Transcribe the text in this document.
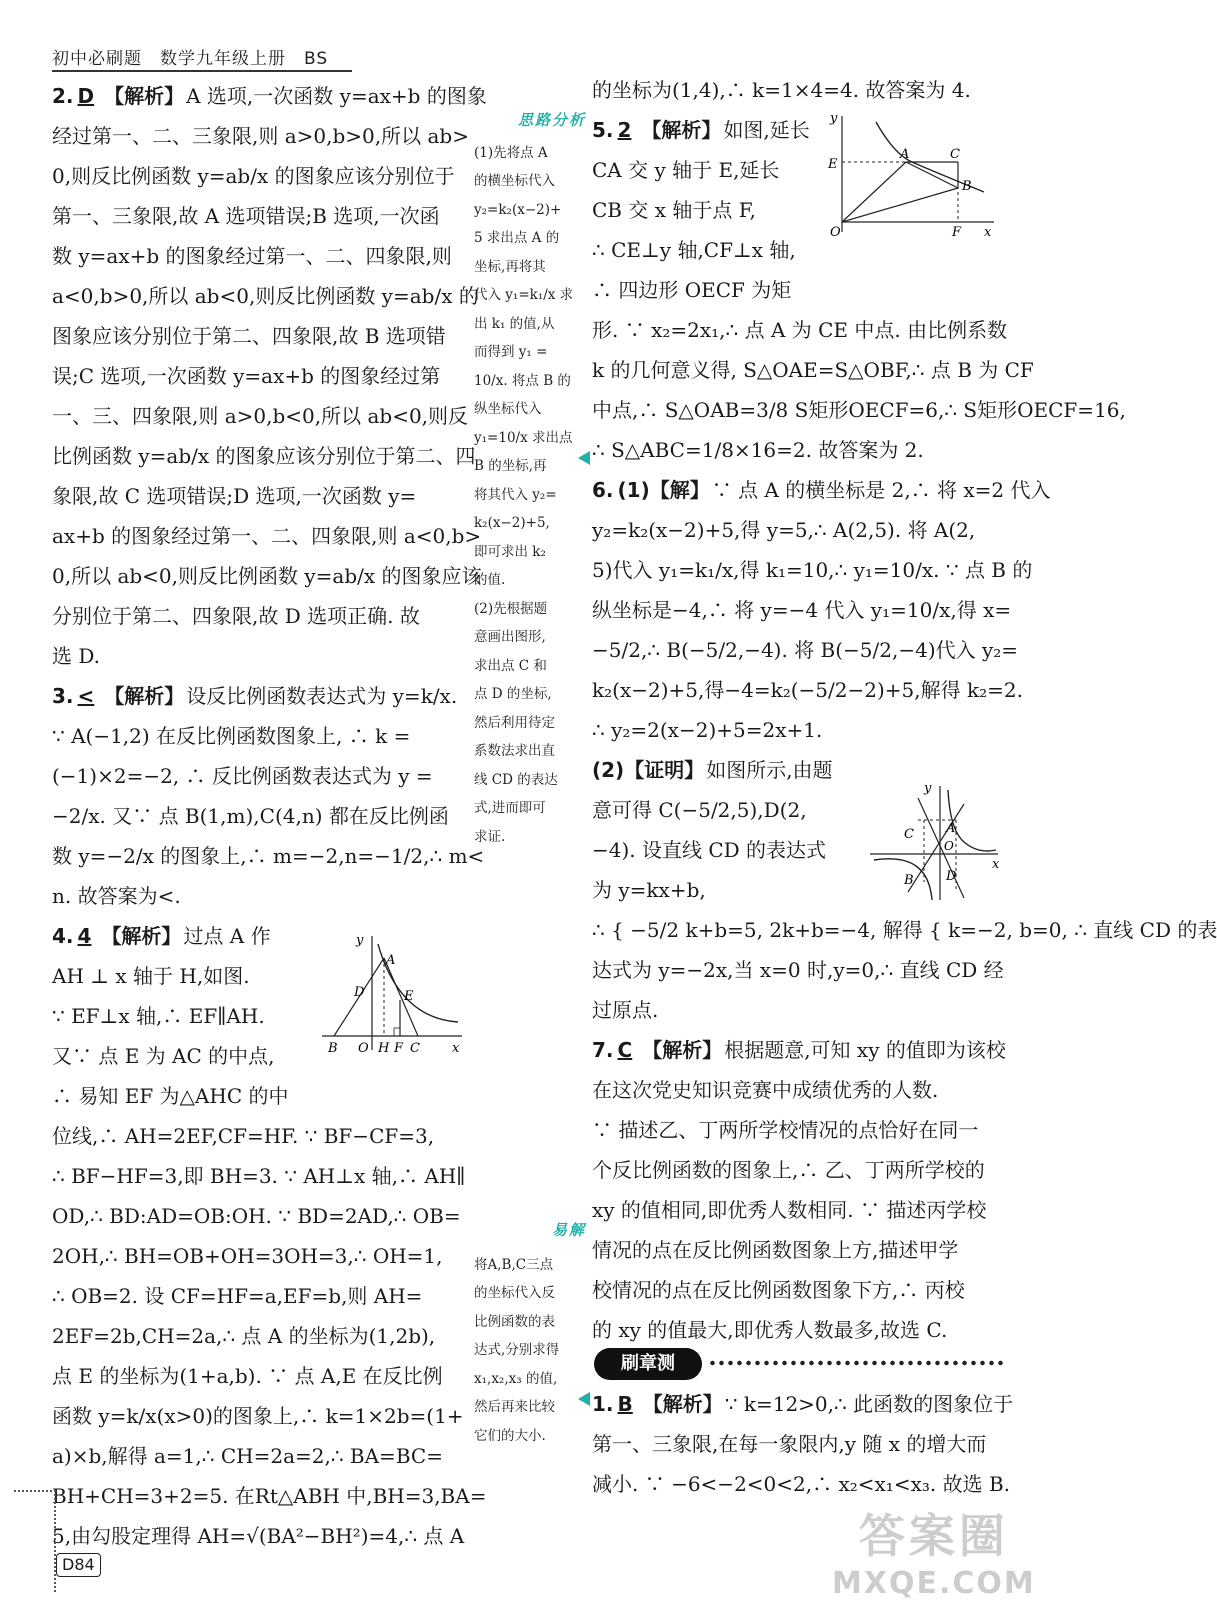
初中必刷题　数学九年级上册　BS

2. D 【解析】 A 选项,一次函数 y=ax+b 的图象

经过第一、二、三象限,则 a>0,b>0,所以 ab>

0,则反比例函数 y=ab/x 的图象应该分别位于

第一、三象限,故 A 选项错误;B 选项,一次函

数 y=ax+b 的图象经过第一、二、四象限,则

a<0,b>0,所以 ab<0,则反比例函数 y=ab/x 的

图象应该分别位于第二、四象限,故 B 选项错

误;C 选项,一次函数 y=ax+b 的图象经过第

一、三、四象限,则 a>0,b<0,所以 ab<0,则反

比例函数 y=ab/x 的图象应该分别位于第二、四

象限,故 C 选项错误;D 选项,一次函数 y=

ax+b 的图象经过第一、二、四象限,则 a<0,b>

0,所以 ab<0,则反比例函数 y=ab/x 的图象应该

分别位于第二、四象限,故 D 选项正确. 故

选 D.

3. < 【解析】 设反比例函数表达式为 y=k/x.

∵ A(−1,2) 在反比例函数图象上, ∴ k =

(−1)×2=−2, ∴ 反比例函数表达式为 y =

−2/x. 又∵ 点 B(1,m),C(4,n) 都在反比例函

数 y=−2/x 的图象上,∴ m=−2,n=−1/2,∴ m<

n. 故答案为<.

4. 4 【解析】 过点 A 作

AH ⊥ x 轴于 H,如图.

∵ EF⊥x 轴,∴ EF∥AH.

又∵ 点 E 为 AC 的中点,

∴ 易知 EF 为△AHC 的中

位线,∴ AH=2EF,CF=HF. ∵ BF−CF=3,

∴ BF−HF=3,即 BH=3. ∵ AH⊥x 轴,∴ AH∥

OD,∴ BD:AD=OB:OH. ∵ BD=2AD,∴ OB=

2OH,∴ BH=OB+OH=3OH=3,∴ OH=1,

∴ OB=2. 设 CF=HF=a,EF=b,则 AH=

2EF=2b,CH=2a,∴ 点 A 的坐标为(1,2b),

点 E 的坐标为(1+a,b). ∵ 点 A,E 在反比例

函数 y=k/x(x>0)的图象上,∴ k=1×2b=(1+

a)×b,解得 a=1,∴ CH=2a=2,∴ BA=BC=

BH+CH=3+2=5. 在Rt△ABH 中,BH=3,BA=

5,由勾股定理得 AH=√(BA²−BH²)=4,∴ 点 A

思路分析

(1)先将点 A

的横坐标代入

y₂=k₂(x−2)+

5 求出点 A 的

坐标,再将其

代入 y₁=k₁/x 求

出 k₁ 的值,从

而得到 y₁ =

10/x. 将点 B 的

纵坐标代入

y₁=10/x 求出点

B 的坐标,再

将其代入 y₂=

k₂(x−2)+5,

即可求出 k₂

的值.

(2)先根据题

意画出图形,

求出点 C 和

点 D 的坐标,

然后利用待定

系数法求出直

线 CD 的表达

式,进而即可

求证.

易解

将A,B,C三点

的坐标代入反

比例函数的表

达式,分别求得

x₁,x₂,x₃ 的值,

然后再来比较

它们的大小.

的坐标为(1,4),∴ k=1×4=4. 故答案为 4.

5. 2 【解析】 如图,延长

CA 交 y 轴于 E,延长

CB 交 x 轴于点 F,

∴ CE⊥y 轴,CF⊥x 轴,

∴ 四边形 OECF 为矩

形. ∵ x₂=2x₁,∴ 点 A 为 CE 中点. 由比例系数

k 的几何意义得, S△OAE=S△OBF,∴ 点 B 为 CF

中点,∴ S△OAB=3/8 S矩形OECF=6,∴ S矩形OECF=16,

∴ S△ABC=1/8×16=2. 故答案为 2.

6. (1)【解】 ∵ 点 A 的横坐标是 2,∴ 将 x=2 代入

y₂=k₂(x−2)+5,得 y=5,∴ A(2,5). 将 A(2,

5)代入 y₁=k₁/x,得 k₁=10,∴ y₁=10/x. ∵ 点 B 的

纵坐标是−4,∴ 将 y=−4 代入 y₁=10/x,得 x=

−5/2,∴ B(−5/2,−4). 将 B(−5/2,−4)代入 y₂=

k₂(x−2)+5,得−4=k₂(−5/2−2)+5,解得 k₂=2.

∴ y₂=2(x−2)+5=2x+1.

(2)【证明】 如图所示,由题

意可得 C(−5/2,5),D(2,

−4). 设直线 CD 的表达式

为 y=kx+b,

∴ { −5/2 k+b=5, 2k+b=−4, 解得 { k=−2, b=0, ∴ 直线 CD 的表

达式为 y=−2x,当 x=0 时,y=0,∴ 直线 CD 经

过原点.

7. C 【解析】 根据题意,可知 xy 的值即为该校

在这次党史知识竞赛中成绩优秀的人数.

∵ 描述乙、丁两所学校情况的点恰好在同一

个反比例函数的图象上,∴ 乙、丁两所学校的

xy 的值相同,即优秀人数相同. ∵ 描述丙学校

情况的点在反比例函数图象上方,描述甲学

校情况的点在反比例函数图象下方,∴ 丙校

的 xy 的值最大,即优秀人数最多,故选 C.

刷章测

1. B 【解析】 ∵ k=12>0,∴ 此函数的图象位于

第一、三象限,在每一象限内,y 随 x 的增大而

减小. ∵ −6<−2<0<2,∴ x₂<x₁<x₃. 故选 B.

y
A
D	E
B O H F C x
y
E
A	C
B
O	F x
y
C A
O
B D
x
D84
答案圈
MXQE.COM
